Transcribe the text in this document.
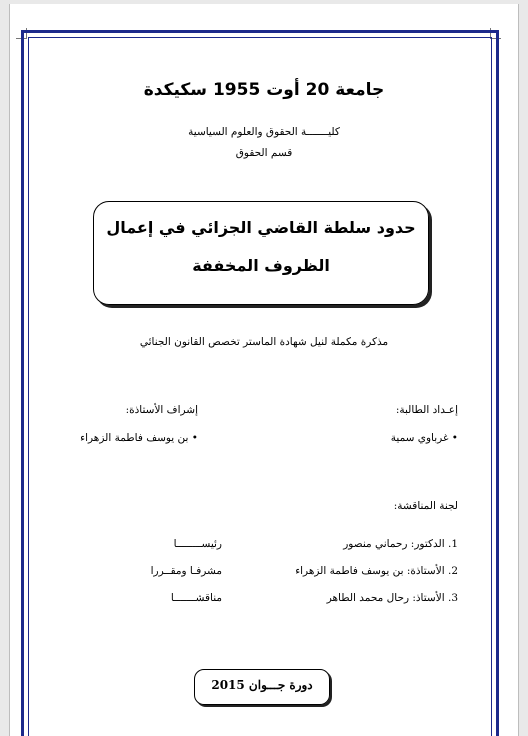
جامعة 20 أوت 1955 سكيكدة
كليـــــــة الحقوق والعلوم السياسية
قسم الحقوق
حدود سلطة القاضي الجزائي في إعمال
الظروف المخففة
مذكرة مكملة لنيل شهادة الماستر تخصص القانون الجنائي
إعـداد الطالبة:
إشراف الأستاذة:
• غرباوي سمية
• بن يوسف فاطمة الزهراء
لجنة المناقشة:
1. الدكتور: رحماني منصور
رئيســــــــا
2. الأستاذة: بن يوسف فاطمة الزهراء
مشرفـا ومقــررا
3. الأستاذ: رحال محمد الطاهر
مناقشـــــــا
دورة جـــوان 2015
